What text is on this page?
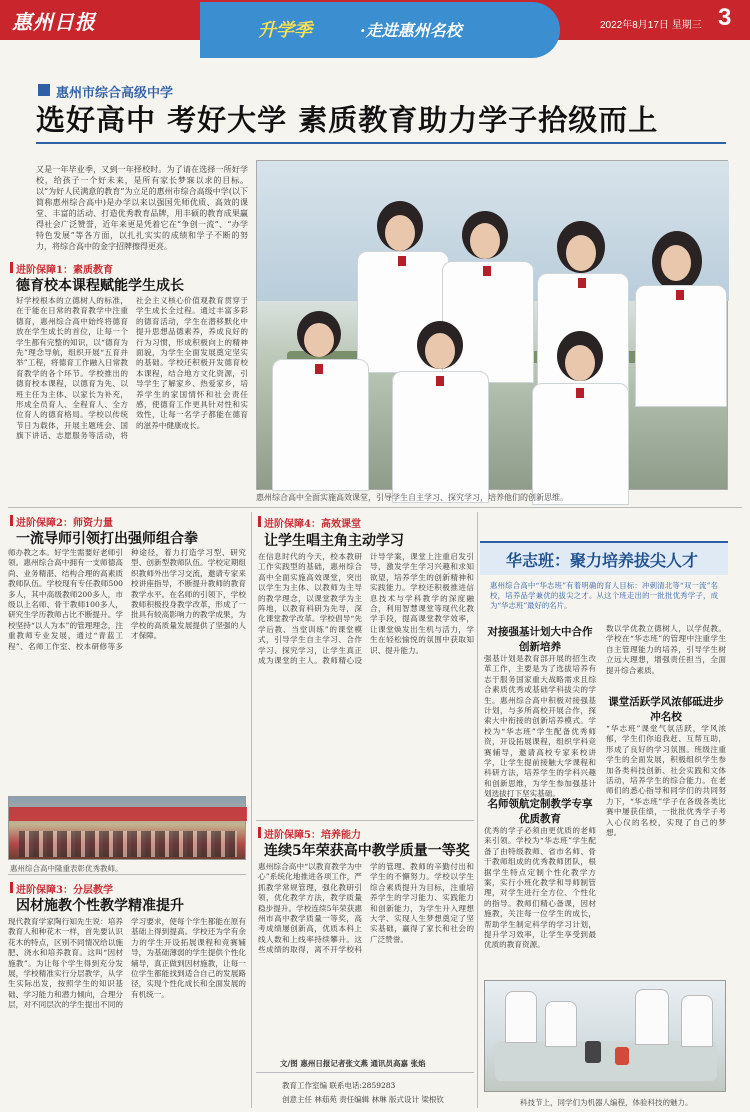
惠州日报	升学季	·走进惠州名校	2022年8月17日 星期三 3
惠州市综合高级中学
选好高中 考好大学 素质教育助力学子拾级而上
又是一年毕业季，又到一年择校时。为了请在选择一所好学校，给孩子一个好未来，是所有家长梦寐以求的目标。以“为好人民满意的教育”为立足的惠州市综合高级中学(以下简称惠州综合高中)是办学以来以强国先师优质、高效的课堂、丰富的活动、打造优秀教育品牌，用丰硕的教育成果赢得社会广泛赞誉，近年来更是凭着它在“争创一流”、“办学特色发展”等各方面，以扎扎实实的成绩和学子不断的努力，将综合高中的金字招牌擦得更亮。
惠州综合高中全面实施高效课堂，引导学生自主学习、探究学习，培养他们的创新思维。
进阶保障1：素质教育
德育校本课程赋能学生成长
好学校根本的立德树人的标准，在于能在日常的教育教学中注重德育，惠州综合高中始终将德育放在学生成长的首位，让每一个学生都有完整的知识，以“德育为先”理念导航，组织开展“五育并举”工程，将德育工作融入日常教育教学的各个环节。学校推出的德育校本课程，以德育为先、以班主任为主体、以家长为补充，形成全员育人、全程育人、全方位育人的德育格局。学校以传统节日为载体，开展主题班会、国旗下讲话、志愿服务等活动，将社会主义核心价值观教育贯穿于学生成长全过程。通过丰富多彩的德育活动，学生在潜移默化中提升思想品德素养，养成良好的行为习惯，形成积极向上的精神面貌，为学生全面发展奠定坚实的基础。学校还积极开发德育校本课程，结合地方文化资源，引导学生了解家乡、热爱家乡，培养学生的家国情怀和社会责任感，使德育工作更具针对性和实效性，让每一名学子都能在德育的滋养中健康成长。
进阶保障2：师资力量
一流导师引领打出强师组合拳
师办教之本。好学生需要好老师引领。惠州综合高中拥有一支师德高尚、业务精湛、结构合理的高素质教师队伍。学校现有专任教师500多人，其中高级教师200多人，市级以上名师、骨干教师100多人，研究生学历教师占比不断提升。学校坚持“以人为本”的管理理念，注重教师专业发展，通过“青蓝工程”、名师工作室、校本研修等多种途径，着力打造学习型、研究型、创新型教师队伍。学校定期组织教师外出学习交流，邀请专家来校讲座指导，不断提升教师的教育教学水平。在名师的引领下，学校教师积极投身教学改革，形成了一批具有较高影响力的教学成果，为学校的高质量发展提供了坚强的人才保障。
惠州综合高中隆重表彰优秀教师。
进阶保障3：分层教学
因材施教个性教学精准提升
现代教育学家陶行知先生说：培养教育人和种花木一样，首先要认识花木的特点，区别不同情况给以施肥、浇水和培养教育。这叫“因材施教”。为让每个学生得到充分发展，学校精准实行分层教学，从学生实际出发，按照学生的知识基础、学习能力和潜力倾向，合理分层，对不同层次的学生提出不同的学习要求，使每个学生都能在原有基础上得到提高。学校还为学有余力的学生开设拓展课程和竞赛辅导，为基础薄弱的学生提供个性化辅导，真正做到因材施教，让每一位学生都能找到适合自己的发展路径，实现个性化成长和全面发展的有机统一。
进阶保障4：高效课堂
让学生唱主角主动学习
在信息时代的今天，校本教研工作实践型的基础，惠州综合高中全面实施高效课堂，突出以学生为主体、以教师为主导的教学理念，以课堂教学为主阵地，以教育科研为先导，深化课堂教学改革。学校倡导“先学后教、当堂训练”的课堂模式，引导学生自主学习、合作学习、探究学习，让学生真正成为课堂的主人。教师精心设计导学案，课堂上注重启发引导，激发学生学习兴趣和求知欲望，培养学生的创新精神和实践能力。学校还积极推进信息技术与学科教学的深度融合，利用智慧课堂等现代化教学手段，提高课堂教学效率，让课堂焕发出生机与活力，学生在轻松愉悦的氛围中获取知识、提升能力。
进阶保障5：培养能力
连续5年荣获高中教学质量一等奖
惠州综合高中“以教育教学为中心”系统化地推进各项工作，严抓教学常规管理，强化教研引领，优化教学方法，教学质量稳步提升。学校连续5年荣获惠州市高中教学质量一等奖，高考成绩屡创新高，优质本科上线人数和上线率持续攀升。这些成绩的取得，离不开学校科学的管理、教师的辛勤付出和学生的不懈努力。学校以学生综合素质提升为目标，注重培养学生的学习能力、实践能力和创新能力，为学生升入理想大学、实现人生梦想奠定了坚实基础，赢得了家长和社会的广泛赞誉。
文/图 惠州日报记者张文燕 通讯员高嘉 张焰
教育工作室编 联系电话:2859283
创意主任 林茹苑 责任编辑 林琳 版式设计 梁根钦
华志班：聚力培养拔尖人才
惠州综合高中“华志班”有着明确的育人目标：冲刺清北等“双一流”名校，培养品学兼优的拔尖之才。从这个班走出的一批批优秀学子，成为“华志班”最好的名片。
对接强基计划大中合作创新培养
强基计划是教育部开展的招生改革工作，主要是为了选拔培养有志于服务国家重大战略需求且综合素质优秀或基础学科拔尖的学生。惠州综合高中积极对接强基计划，与多所高校开展合作，探索大中衔接的创新培养模式。学校为“华志班”学生配备优秀师资，开设拓展课程，组织学科竞赛辅导，邀请高校专家来校讲学，让学生提前接触大学课程和科研方法，培养学生的学科兴趣和创新思维，为学生参加强基计划选拔打下坚实基础。
名师领航定制教学专享优质教育
优秀的学子必须由更优质的老师来引领。学校为“华志班”学生配备了由特级教师、省市名师、骨干教师组成的优秀教师团队，根据学生特点定制个性化教学方案，实行小班化教学和导师制管理，对学生进行全方位、个性化的指导。教师们精心备课，因材施教，关注每一位学生的成长，帮助学生制定科学的学习计划，提升学习效率，让学生享受到最优质的教育资源。
数以学优教立德树人，以学促教。学校在“华志班”的管理中注重学生自主管理能力的培养，引导学生树立远大理想，增强责任担当，全面提升综合素质。
课堂活跃学风浓郁砥进步冲名校
“华志班”课堂气氛活跃，学风浓郁，学生们你追我赶、互帮互助，形成了良好的学习氛围。班级注重学生的全面发展，积极组织学生参加各类科技创新、社会实践和文体活动，培养学生的综合能力。在老师们的悉心指导和同学们的共同努力下，“华志班”学子在各级各类比赛中屡获佳绩，一批批优秀学子考入心仪的名校，实现了自己的梦想。
科技节上，同学们为机器人编程，体验科技的魅力。
